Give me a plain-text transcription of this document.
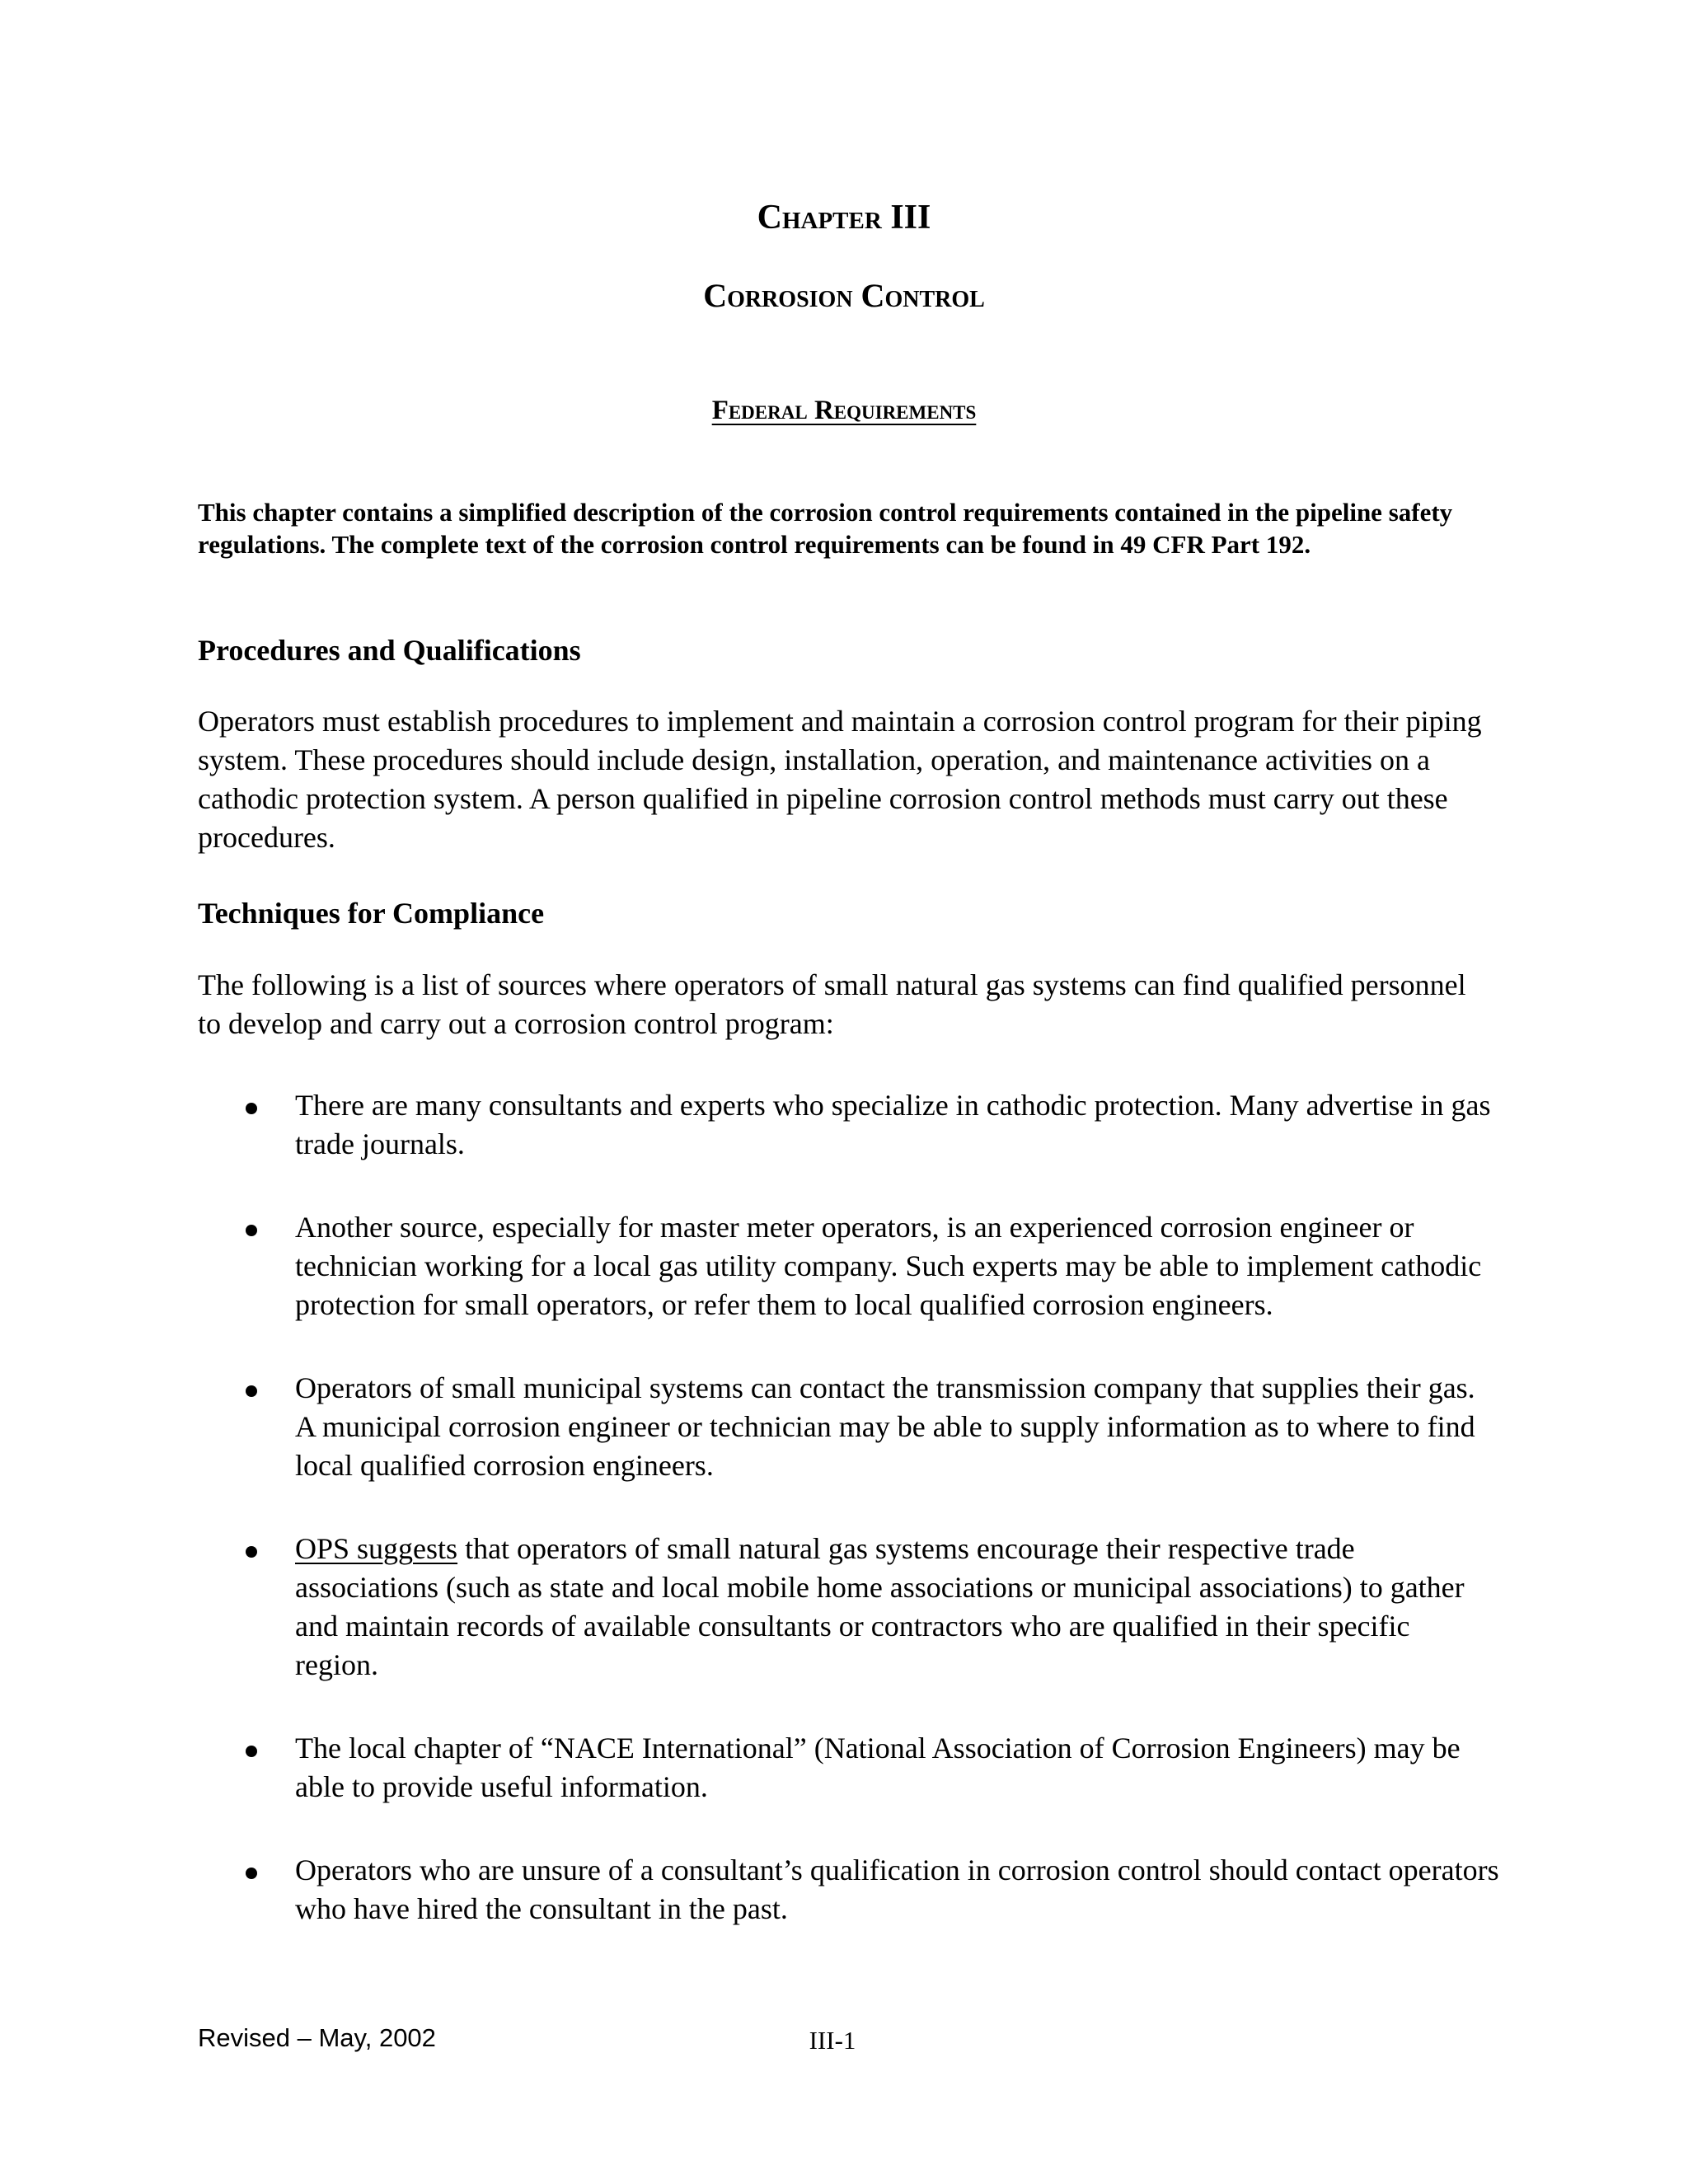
Chapter III
Corrosion Control
Federal Requirements
This chapter contains a simplified description of the corrosion control requirements contained in the pipeline safety regulations. The complete text of the corrosion control requirements can be found in 49 CFR Part 192.
Procedures and Qualifications
Operators must establish procedures to implement and maintain a corrosion control program for their piping system. These procedures should include design, installation, operation, and maintenance activities on a cathodic protection system. A person qualified in pipeline corrosion control methods must carry out these procedures.
Techniques for Compliance
The following is a list of sources where operators of small natural gas systems can find qualified personnel to develop and carry out a corrosion control program:
There are many consultants and experts who specialize in cathodic protection. Many advertise in gas trade journals.
Another source, especially for master meter operators, is an experienced corrosion engineer or technician working for a local gas utility company. Such experts may be able to implement cathodic protection for small operators, or refer them to local qualified corrosion engineers.
Operators of small municipal systems can contact the transmission company that supplies their gas. A municipal corrosion engineer or technician may be able to supply information as to where to find local qualified corrosion engineers.
OPS suggests that operators of small natural gas systems encourage their respective trade associations (such as state and local mobile home associations or municipal associations) to gather and maintain records of available consultants or contractors who are qualified in their specific region.
The local chapter of “NACE International” (National Association of Corrosion Engineers) may be able to provide useful information.
Operators who are unsure of a consultant’s qualification in corrosion control should contact operators who have hired the consultant in the past.
Revised – May, 2002	III-1
